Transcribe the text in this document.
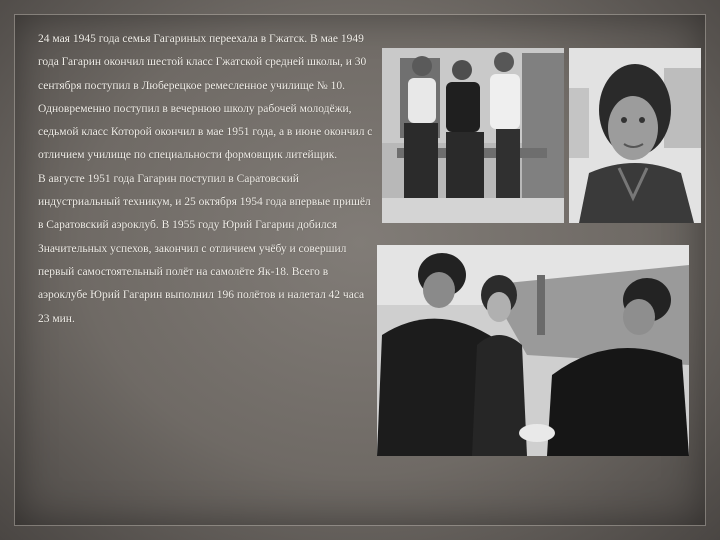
24 мая 1945 года семья Гагариных переехала в Гжатск. В мае 1949 года Гагарин окончил шестой класс Гжатской средней школы, и 30 сентября поступил в Люберецкое ремесленное училище № 10. Одновременно поступил в вечернюю школу рабочей молодёжи, седьмой класс Которой окончил в мае 1951 года, а в июне окончил с отличием училище по специальности формовщик литейщик.

В августе 1951 года Гагарин поступил в Саратовский индустриальный техникум, и 25 октября 1954 года впервые пришёл в Саратовский аэроклуб. В 1955 году Юрий Гагарин добился Значительных успехов, закончил с отличием учёбу и совершил первый самостоятельный полёт на самолёте Як-18. Всего в аэроклубе Юрий Гагарин выполнил 196 полётов и налетал 42 часа 23 мин.
